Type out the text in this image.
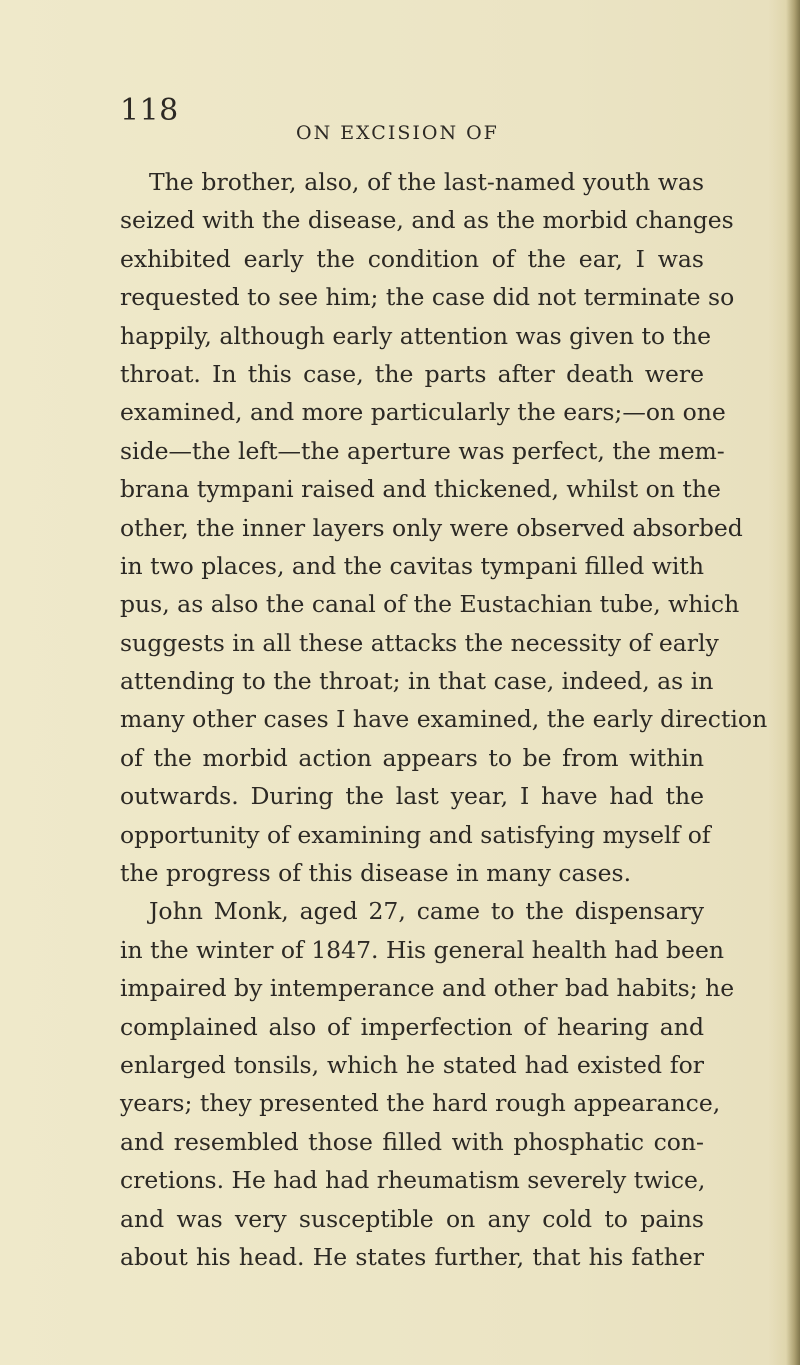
118
ON EXCISION OF
The brother, also, of the last-named youth was
seized with the disease, and as the morbid changes
exhibited early the condition of the ear, I was
requested to see him; the case did not terminate so
happily, although early attention was given to the
throat. In this case, the parts after death were
examined, and more particularly the ears;—on one
side—the left—the aperture was perfect, the mem-
brana tympani raised and thickened, whilst on the
other, the inner layers only were observed absorbed
in two places, and the cavitas tympani filled with
pus, as also the canal of the Eustachian tube, which
suggests in all these attacks the necessity of early
attending to the throat; in that case, indeed, as in
many other cases I have examined, the early direction
of the morbid action appears to be from within
outwards. During the last year, I have had the
opportunity of examining and satisfying myself of
the progress of this disease in many cases.
John Monk, aged 27, came to the dispensary
in the winter of 1847. His general health had been
impaired by intemperance and other bad habits; he
complained also of imperfection of hearing and
enlarged tonsils, which he stated had existed for
years; they presented the hard rough appearance,
and resembled those filled with phosphatic con-
cretions. He had had rheumatism severely twice,
and was very susceptible on any cold to pains
about his head. He states further, that his father
